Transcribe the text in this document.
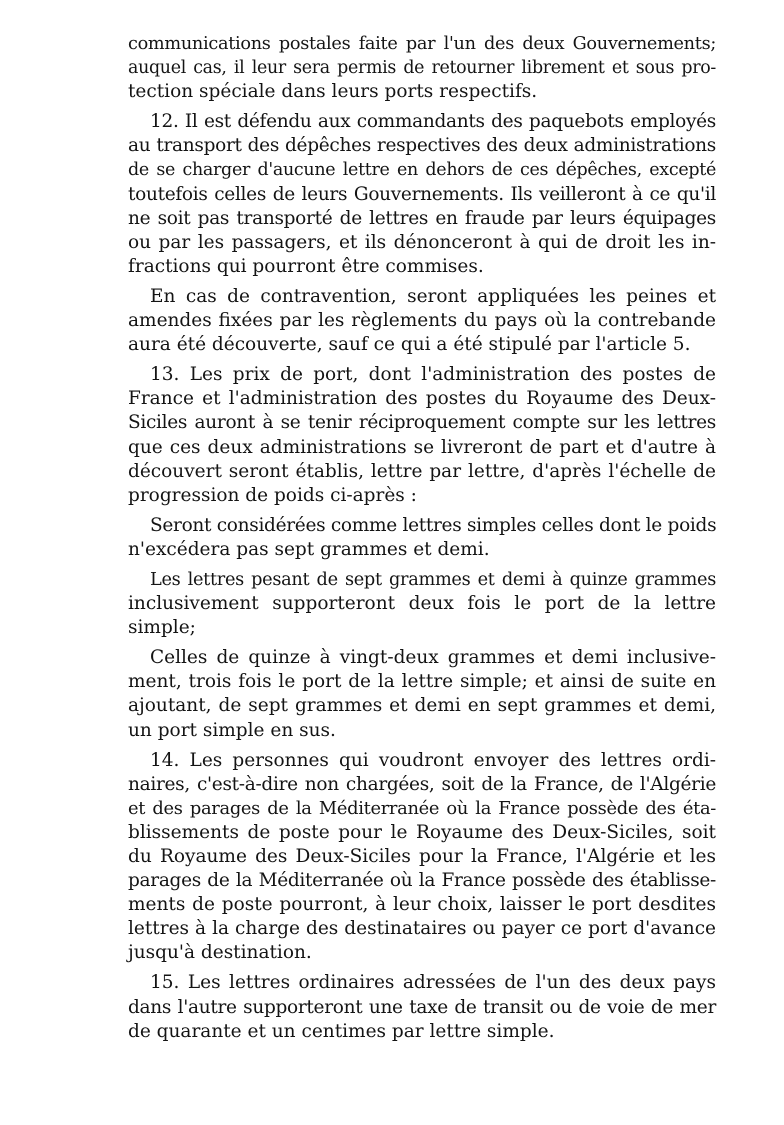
communications postales faite par l'un des deux Gouvernements;
auquel cas, il leur sera permis de retourner librement et sous pro-
tection spéciale dans leurs ports respectifs.
12. Il est défendu aux commandants des paquebots employés
au transport des dépêches respectives des deux administrations
de se charger d'aucune lettre en dehors de ces dépêches, excepté
toutefois celles de leurs Gouvernements. Ils veilleront à ce qu'il
ne soit pas transporté de lettres en fraude par leurs équipages
ou par les passagers, et ils dénonceront à qui de droit les in-
fractions qui pourront être commises.
En cas de contravention, seront appliquées les peines et
amendes fixées par les règlements du pays où la contrebande
aura été découverte, sauf ce qui a été stipulé par l'article 5.
13. Les prix de port, dont l'administration des postes de
France et l'administration des postes du Royaume des Deux-
Siciles auront à se tenir réciproquement compte sur les lettres
que ces deux administrations se livreront de part et d'autre à
découvert seront établis, lettre par lettre, d'après l'échelle de
progression de poids ci-après :
Seront considérées comme lettres simples celles dont le poids
n'excédera pas sept grammes et demi.
Les lettres pesant de sept grammes et demi à quinze grammes
inclusivement supporteront deux fois le port de la lettre
simple;
Celles de quinze à vingt-deux grammes et demi inclusive-
ment, trois fois le port de la lettre simple; et ainsi de suite en
ajoutant, de sept grammes et demi en sept grammes et demi,
un port simple en sus.
14. Les personnes qui voudront envoyer des lettres ordi-
naires, c'est-à-dire non chargées, soit de la France, de l'Algérie
et des parages de la Méditerranée où la France possède des éta-
blissements de poste pour le Royaume des Deux-Siciles, soit
du Royaume des Deux-Siciles pour la France, l'Algérie et les
parages de la Méditerranée où la France possède des établisse-
ments de poste pourront, à leur choix, laisser le port desdites
lettres à la charge des destinataires ou payer ce port d'avance
jusqu'à destination.
15. Les lettres ordinaires adressées de l'un des deux pays
dans l'autre supporteront une taxe de transit ou de voie de mer
de quarante et un centimes par lettre simple.
